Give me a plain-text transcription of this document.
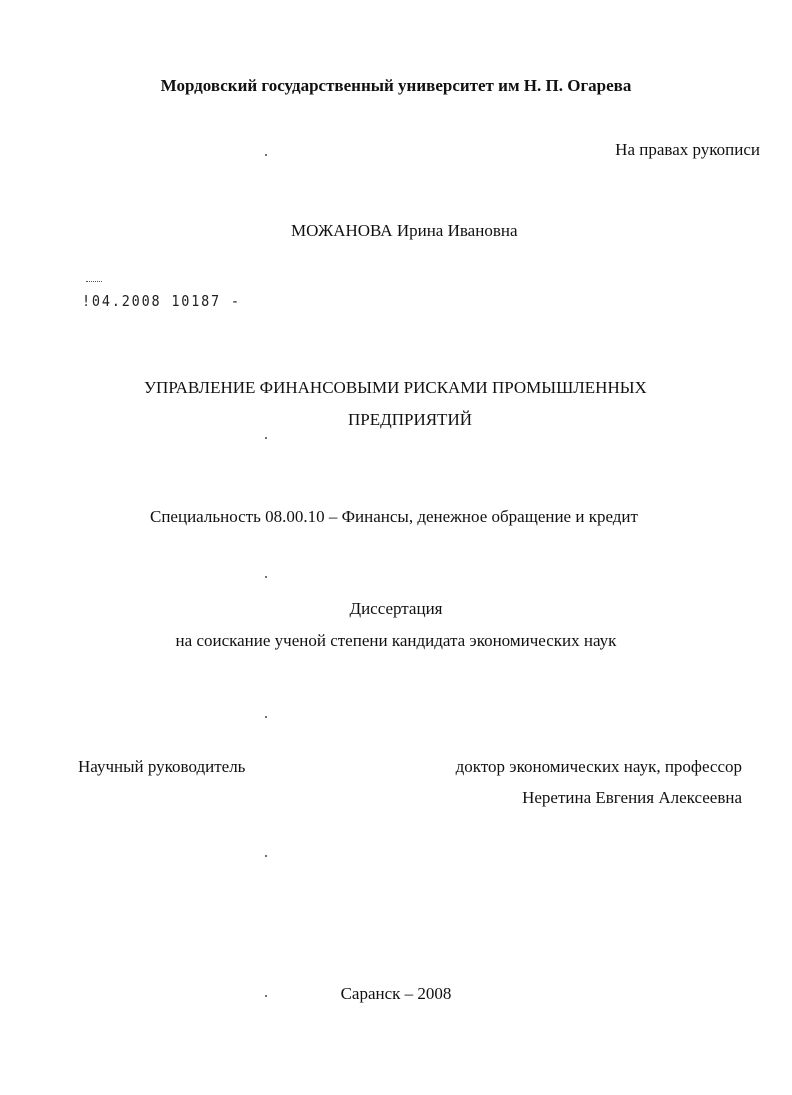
Мордовский государственный университет им Н. П. Огарева
На правах рукописи
МОЖАНОВА Ирина Ивановна
!04.2008 10187 -
УПРАВЛЕНИЕ ФИНАНСОВЫМИ РИСКАМИ ПРОМЫШЛЕННЫХ
ПРЕДПРИЯТИЙ
Специальность 08.00.10 – Финансы, денежное обращение и кредит
Диссертация
на соискание ученой степени кандидата экономических наук
Научный руководитель	доктор экономических наук, профессор
Неретина Евгения Алексеевна
Саранск – 2008
